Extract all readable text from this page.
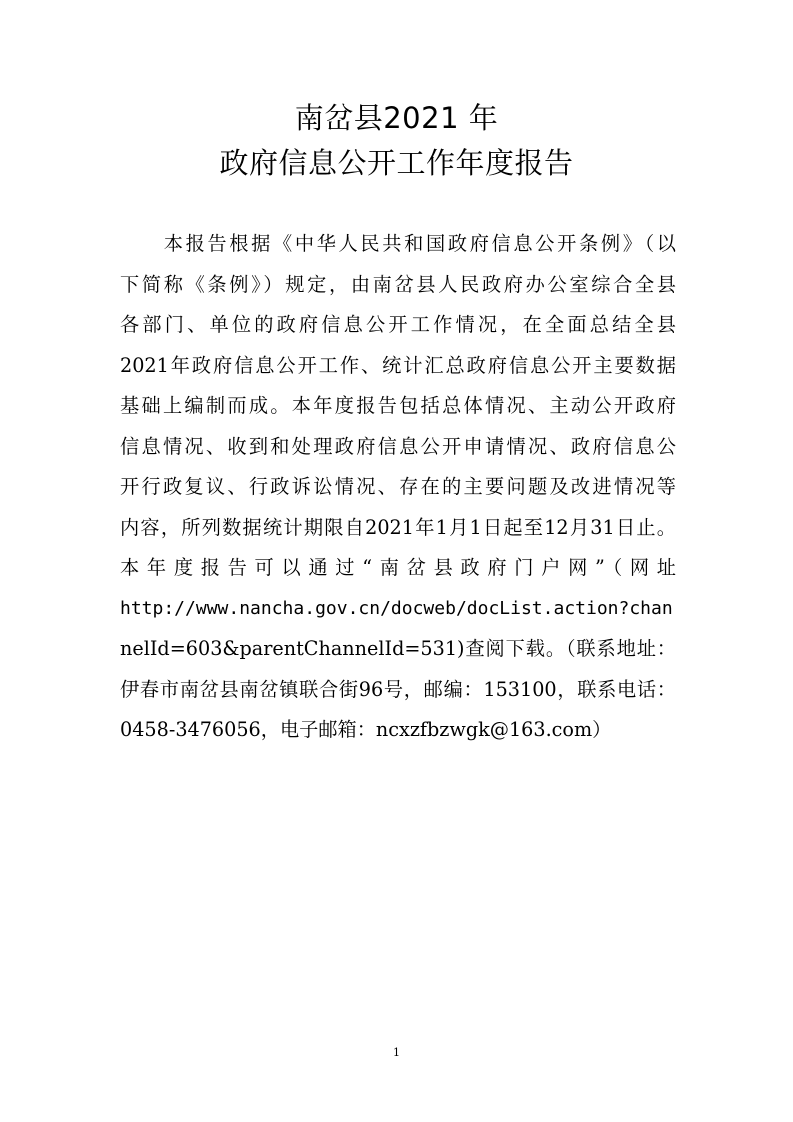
南岔县2021 年
政府信息公开工作年度报告
　　本报告根据《中华人民共和国政府信息公开条例》（以
下简称《条例》）规定，由南岔县人民政府办公室综合全县
各部门、单位的政府信息公开工作情况，在全面总结全县
2021年政府信息公开工作、统计汇总政府信息公开主要数据
基础上编制而成。本年度报告包括总体情况、主动公开政府
信息情况、收到和处理政府信息公开申请情况、政府信息公
开行政复议、行政诉讼情况、存在的主要问题及改进情况等
内容，所列数据统计期限自2021年1月1日起至12月31日止。
本年度报告可以通过“南岔县政府门户网”（网址
http://www.nancha.gov.cn/docweb/docList.action?chan
nelId=603&parentChannelId=531)查阅下载。（联系地址：
伊春市南岔县南岔镇联合街96号，邮编：153100，联系电话：
0458-3476056，电子邮箱：ncxzfbzwgk@163.com）
1
